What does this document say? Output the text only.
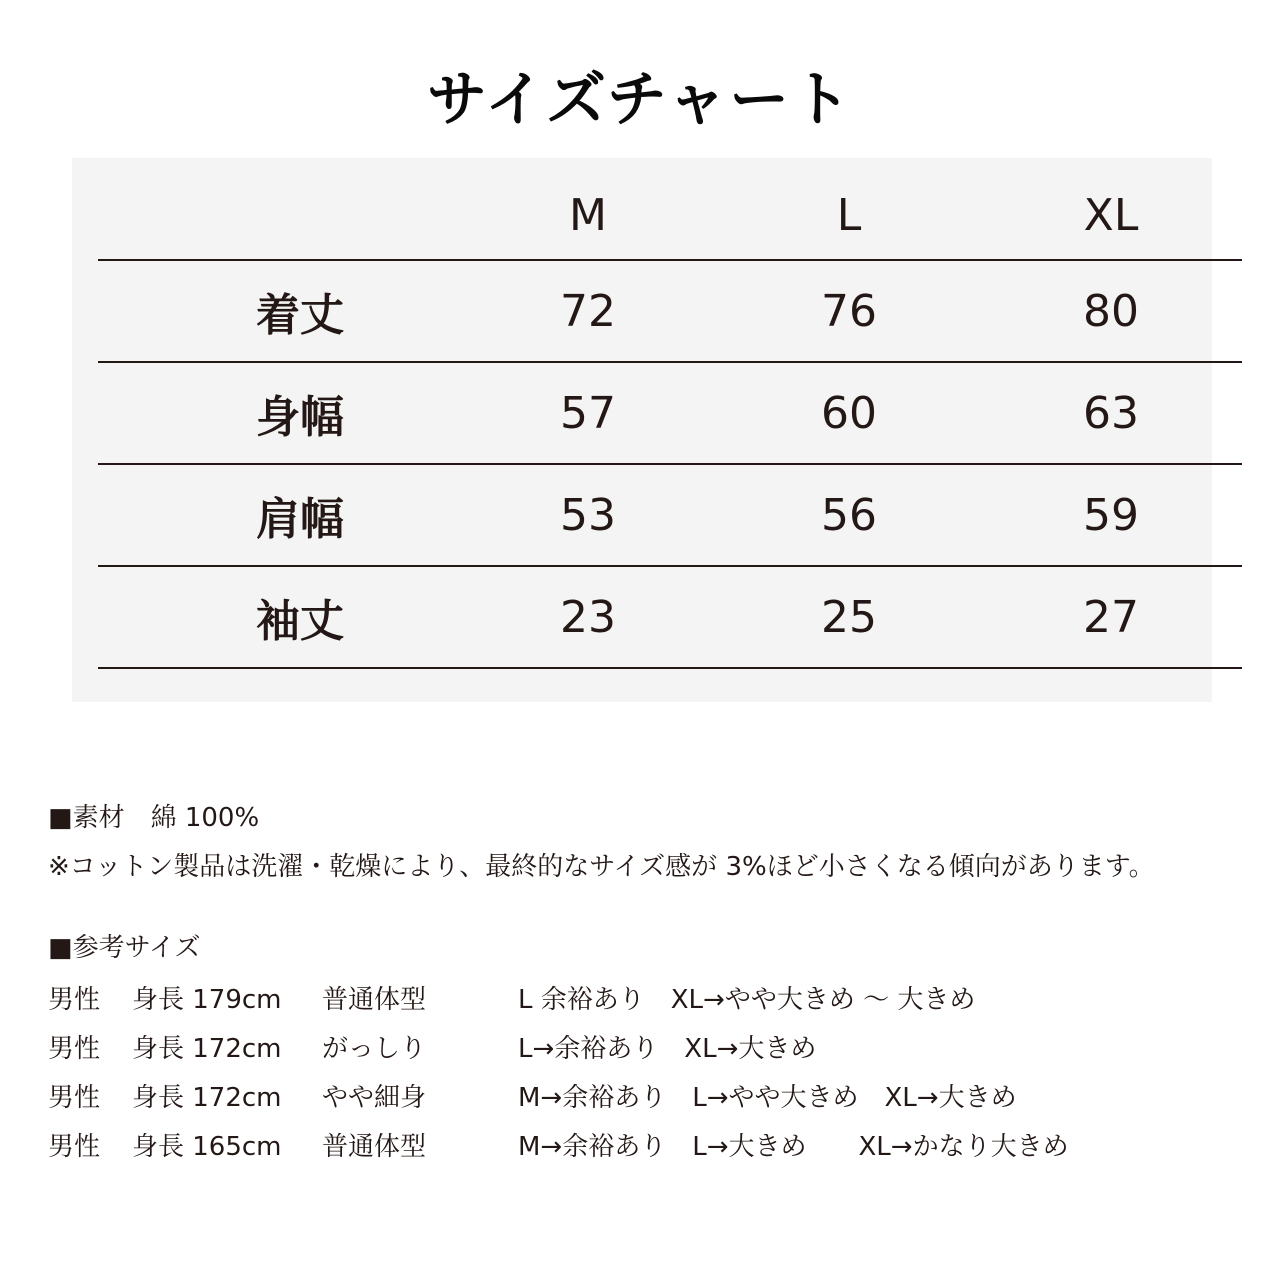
サイズチャート
	M	L	XL
着丈	72	76	80
身幅	57	60	63
肩幅	53	56	59
袖丈	23	25	27

■素材　綿 100%

※コットン製品は洗濯・乾燥により、最終的なサイズ感が 3%ほど小さくなる傾向があります。

■参考サイズ

男性	身長 179cm	普通体型	L 余裕あり　XL→やや大きめ 〜 大きめ
男性	身長 172cm	がっしり	L→余裕あり　XL→大きめ
男性	身長 172cm	やや細身	M→余裕あり　L→やや大きめ　XL→大きめ
男性	身長 165cm	普通体型	M→余裕あり　L→大きめ　　XL→かなり大きめ
